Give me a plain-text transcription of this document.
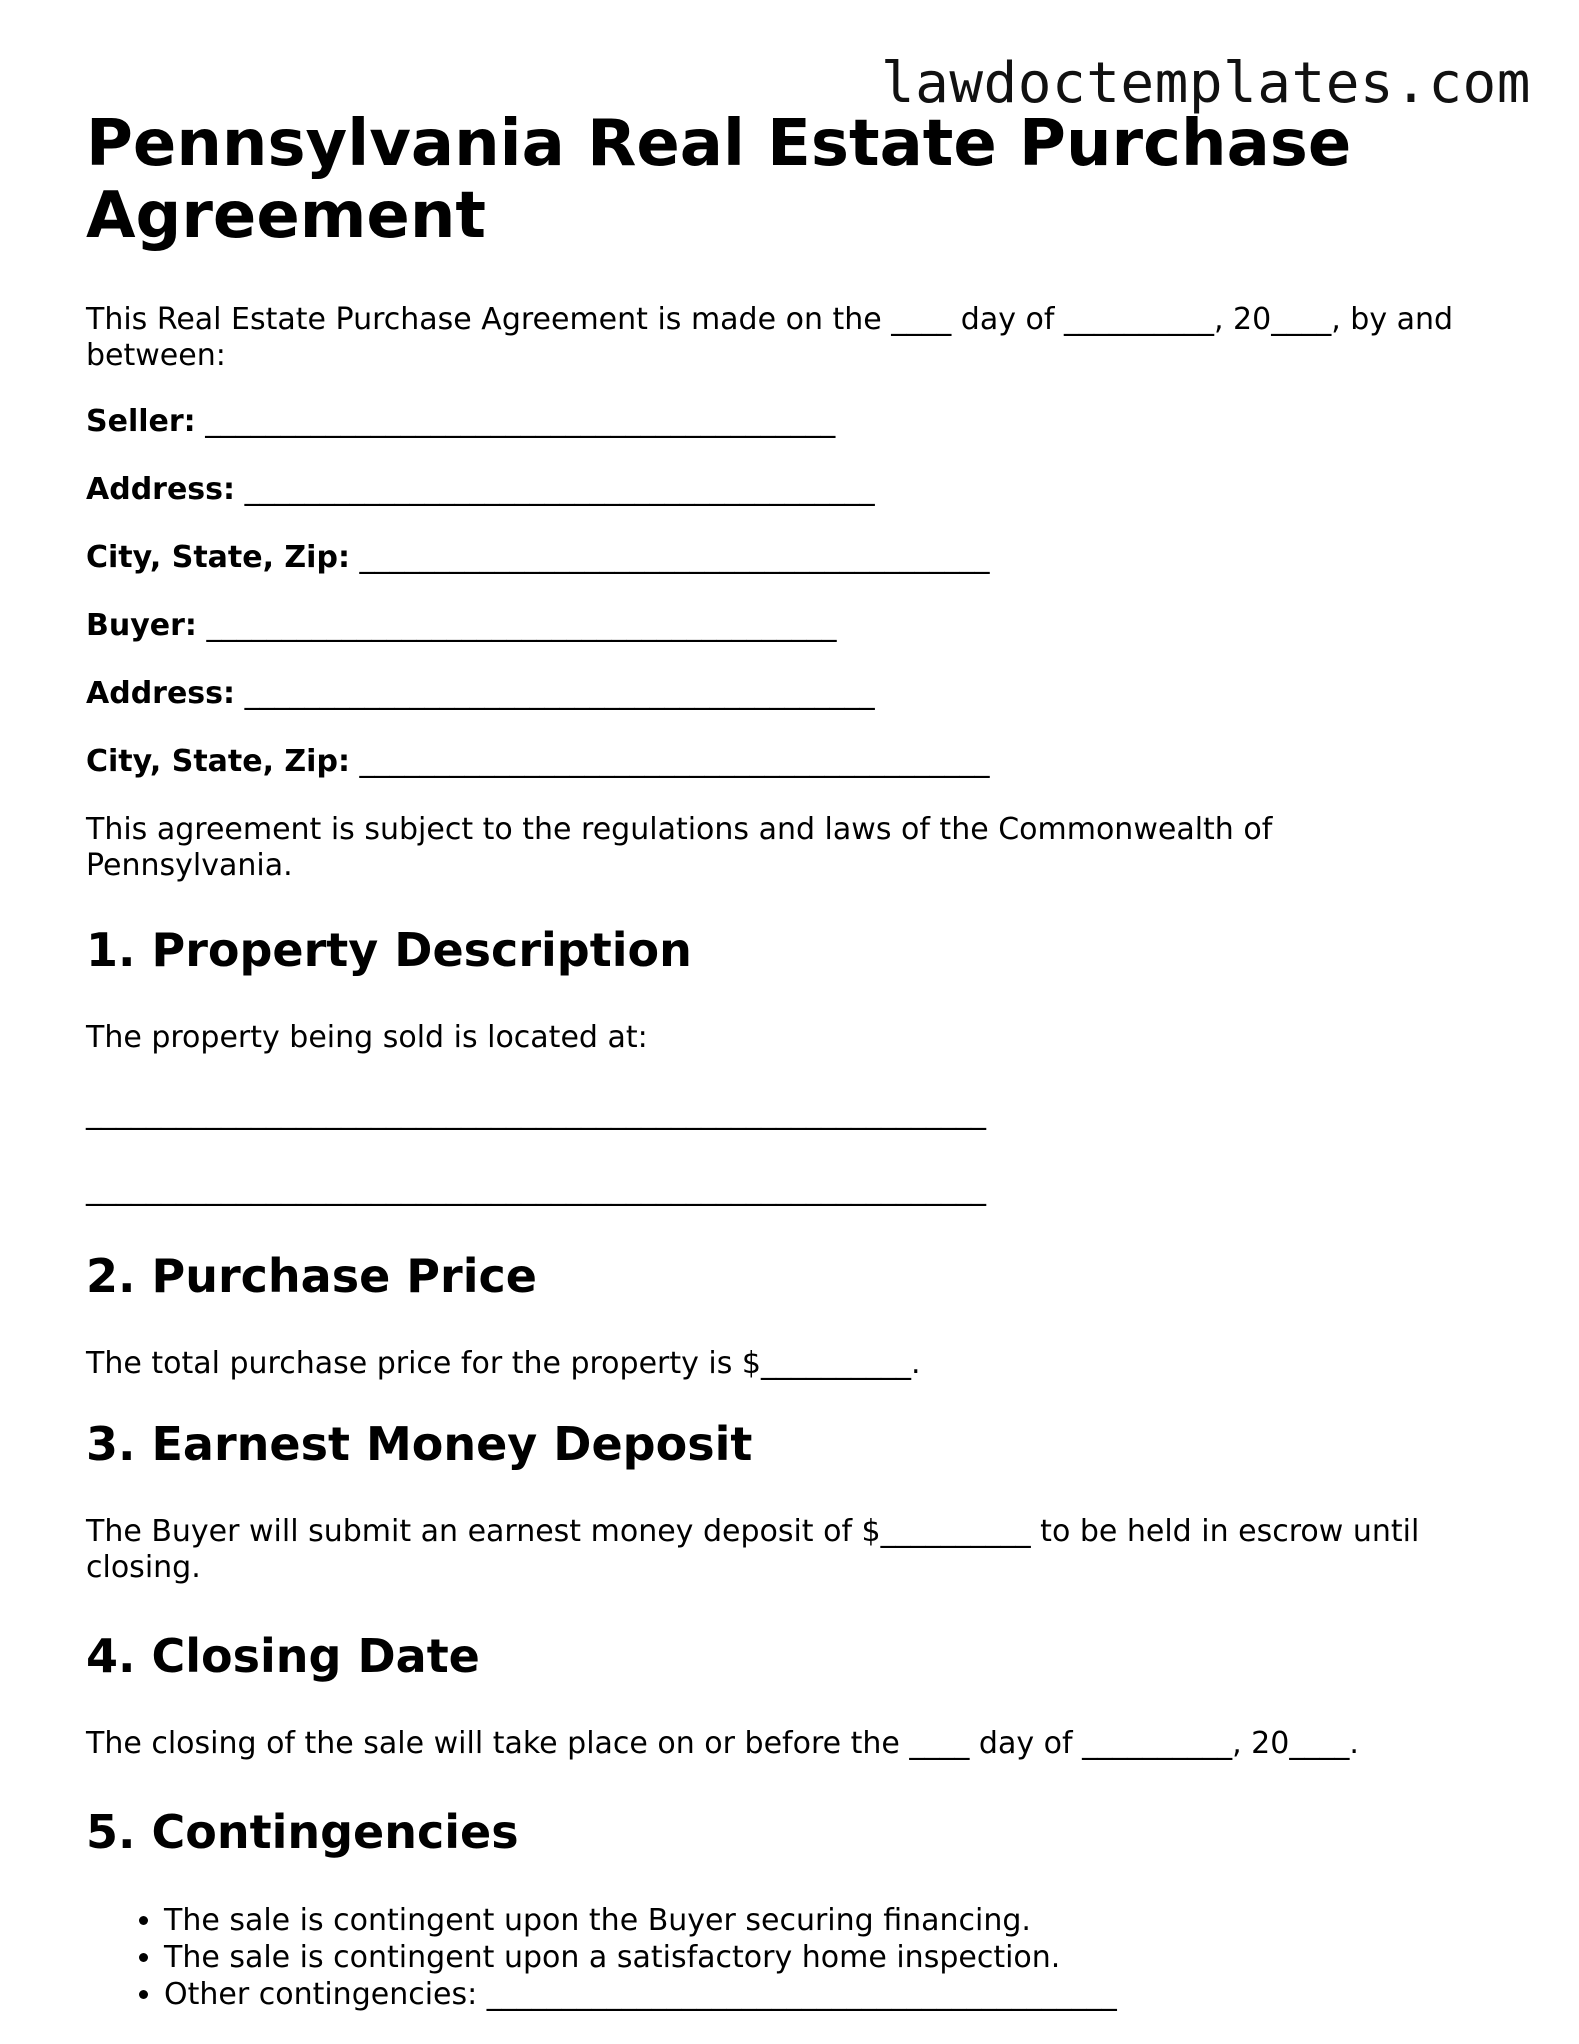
lawdoctemplates.com
Pennsylvania Real Estate Purchase Agreement

This Real Estate Purchase Agreement is made on the ____ day of __________, 20____, by and between:

Seller: __________________________________________
Address: __________________________________________
City, State, Zip: __________________________________________
Buyer: __________________________________________
Address: __________________________________________
City, State, Zip: __________________________________________

This agreement is subject to the regulations and laws of the Commonwealth of Pennsylvania.

1. Property Description

The property being sold is located at:

____________________________________________________________
____________________________________________________________
2. Purchase Price

The total purchase price for the property is $__________.

3. Earnest Money Deposit

The Buyer will submit an earnest money deposit of $__________ to be held in escrow until closing.

4. Closing Date

The closing of the sale will take place on or before the ____ day of __________, 20____.

5. Contingencies
• The sale is contingent upon the Buyer securing financing.
• The sale is contingent upon a satisfactory home inspection.
• Other contingencies: __________________________________________
